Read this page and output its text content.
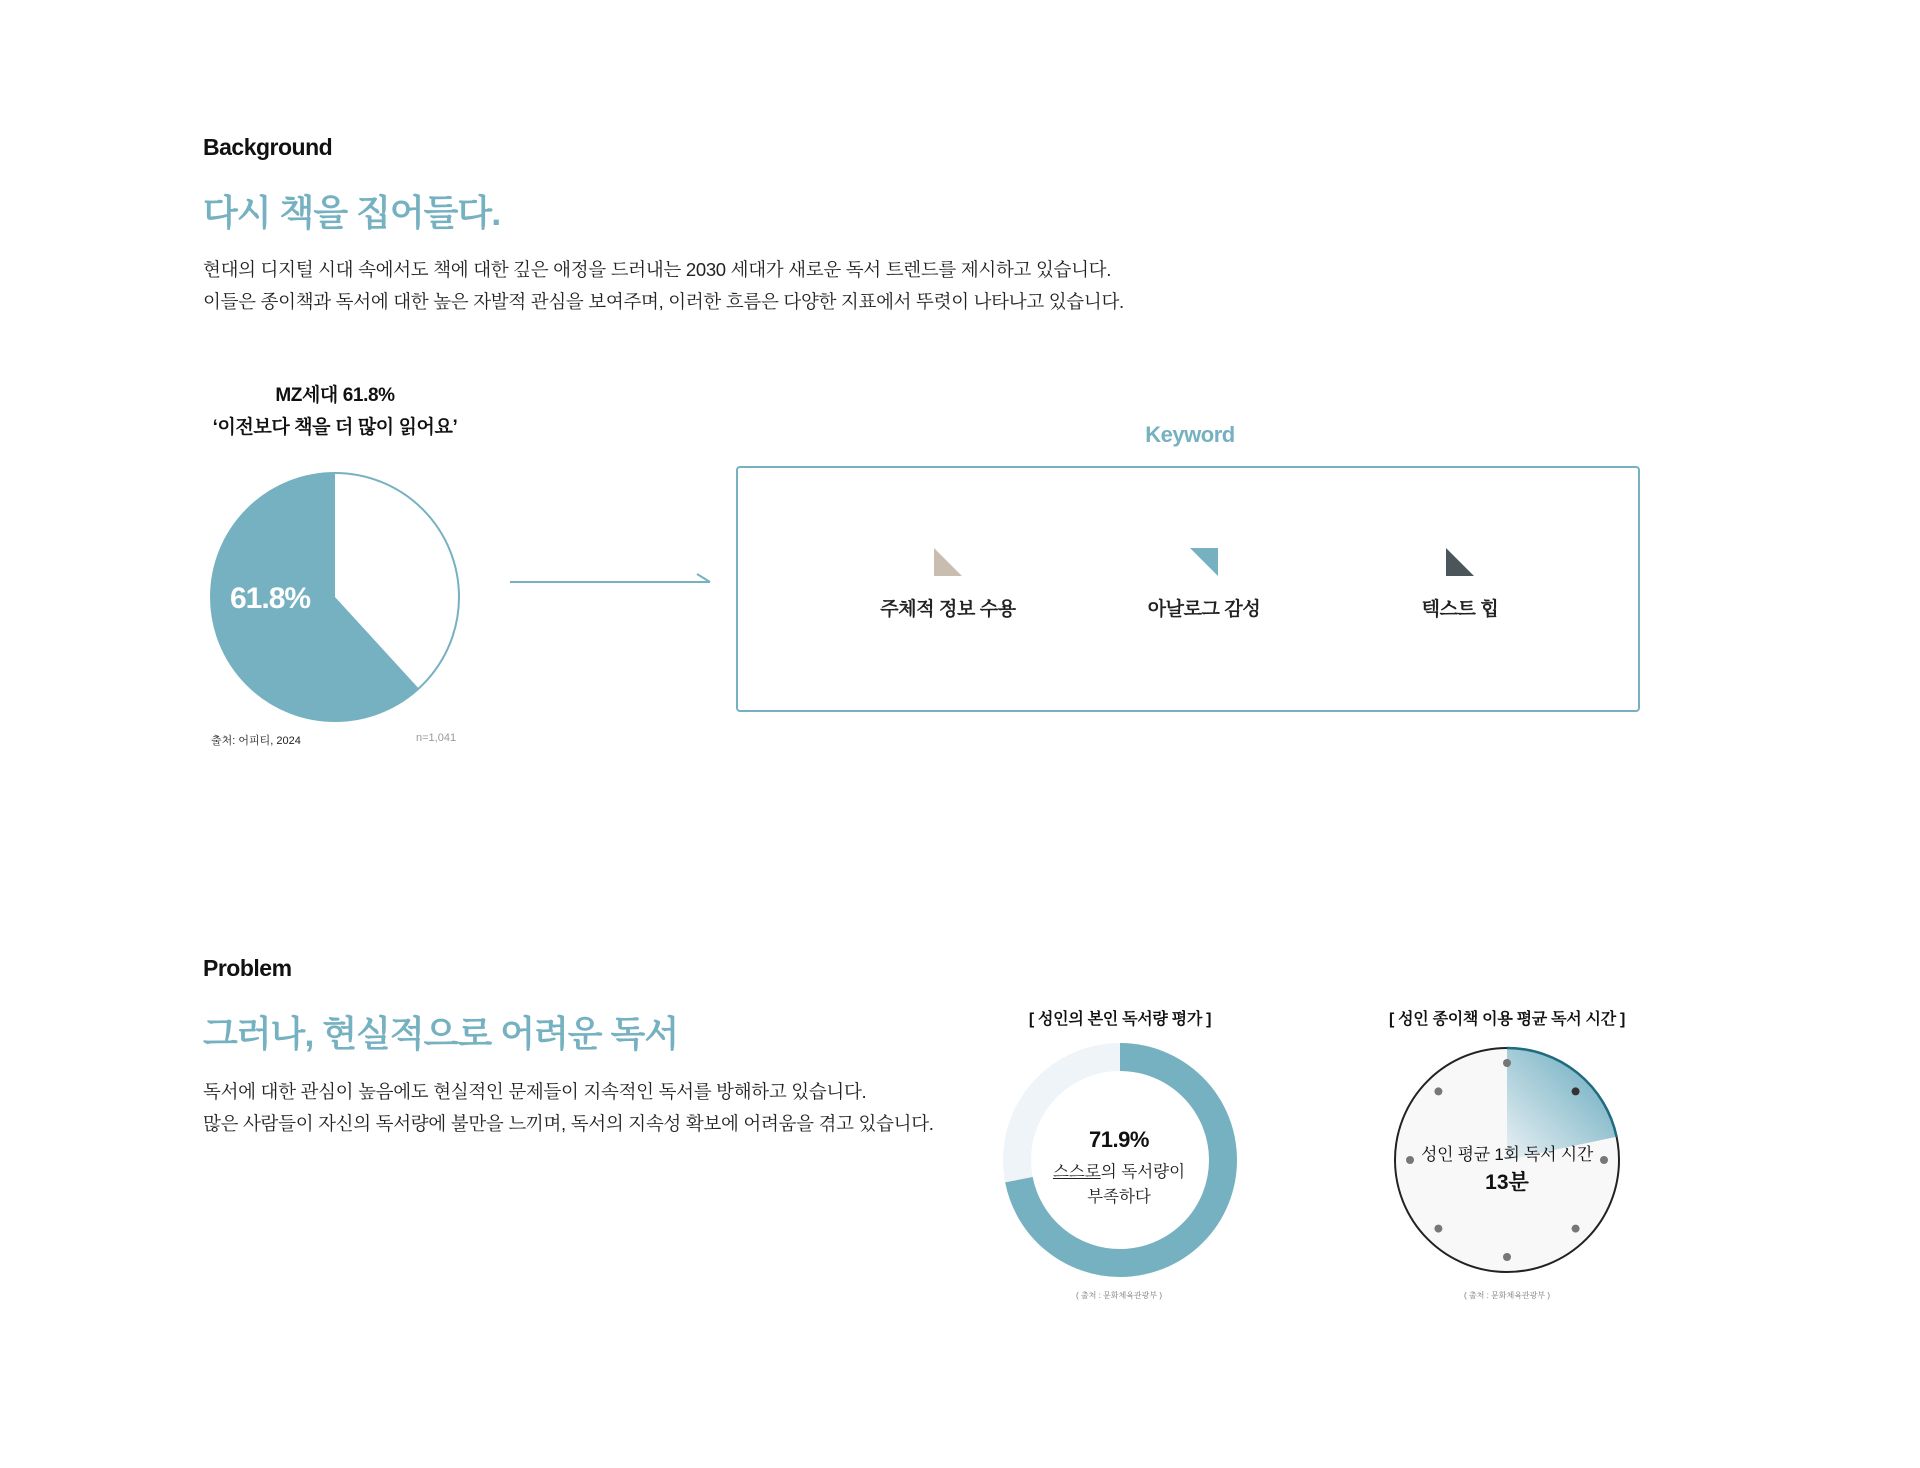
Background
다시 책을 집어들다.
현대의 디지털 시대 속에서도 책에 대한 깊은 애정을 드러내는 2030 세대가 새로운 독서 트렌드를 제시하고 있습니다.
이들은 종이책과 독서에 대한 높은 자발적 관심을 보여주며, 이러한 흐름은 다양한 지표에서 뚜렷이 나타나고 있습니다.
MZ세대 61.8%
‘이전보다 책을 더 많이 읽어요’
61.8%
출처: 어피티, 2024	n=1,041
Keyword
주체적 정보 수용	아날로그 감성	텍스트 힙
Problem
그러나, 현실적으로 어려운 독서
독서에 대한 관심이 높음에도 현실적인 문제들이 지속적인 독서를 방해하고 있습니다.
많은 사람들이 자신의 독서량에 불만을 느끼며, 독서의 지속성 확보에 어려움을 겪고 있습니다.
[ 성인의 본인 독서량 평가 ]
71.9%
스스로의 독서량이
부족하다
( 출처 : 문화체육관광부 )
[ 성인 종이책 이용 평균 독서 시간 ]
성인 평균 1회 독서 시간
13분
( 출처 : 문화체육관광부 )
